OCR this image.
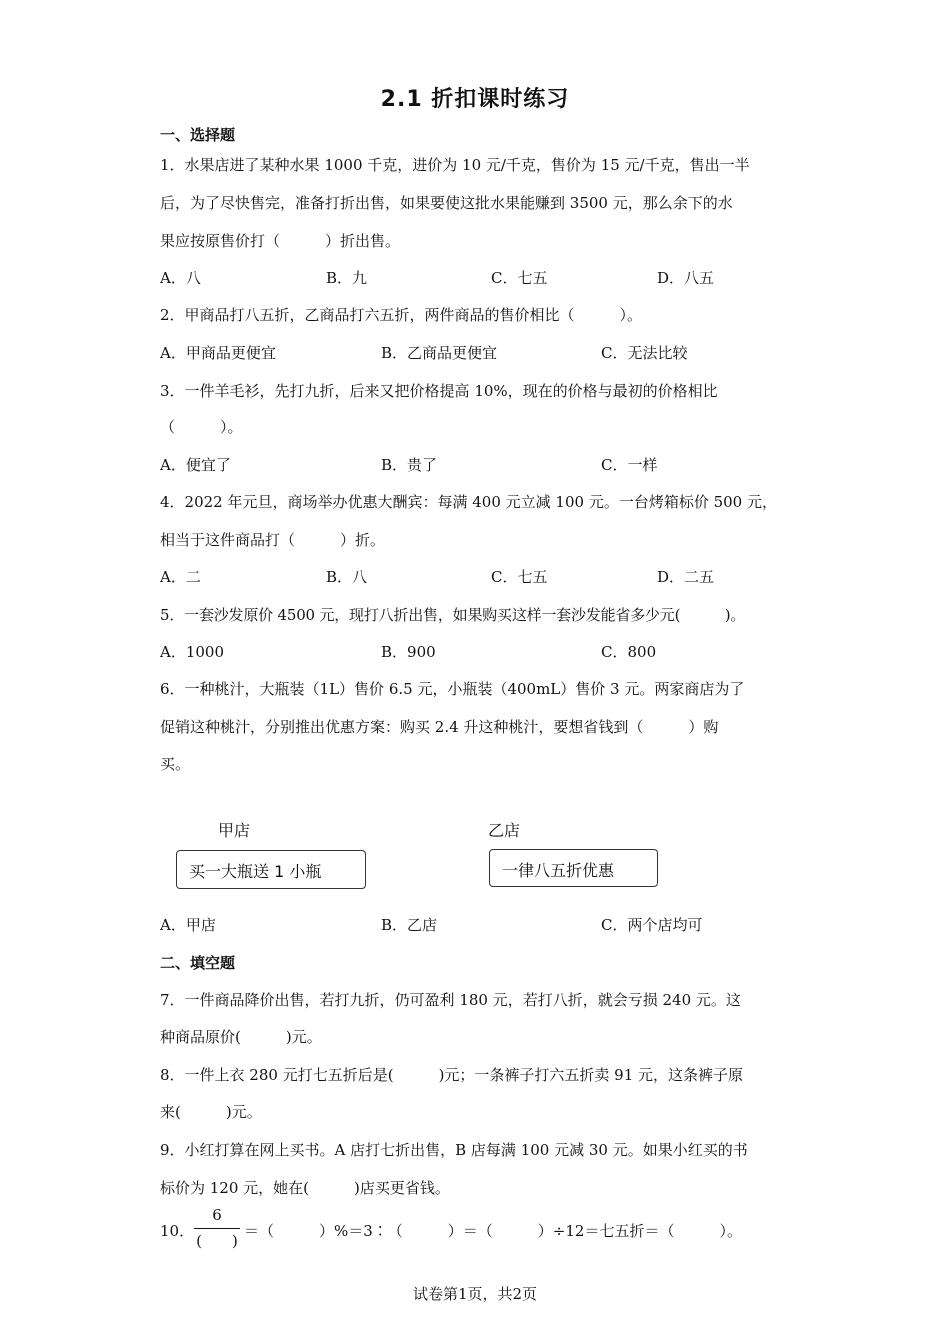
2.1 折扣课时练习
一、选择题
1．水果店进了某种水果 1000 千克，进价为 10 元/千克，售价为 15 元/千克，售出一半
后，为了尽快售完，准备打折出售，如果要使这批水果能赚到 3500 元，那么余下的水
果应按原售价打（　　　）折出售。
A．八	B．九	C．七五	D．八五
2．甲商品打八五折，乙商品打六五折，两件商品的售价相比（　　　）。
A．甲商品更便宜	B．乙商品更便宜	C．无法比较
3．一件羊毛衫，先打九折，后来又把价格提高 10%，现在的价格与最初的价格相比
（　　　）。
A．便宜了	B．贵了	C．一样
4．2022 年元旦，商场举办优惠大酬宾：每满 400 元立减 100 元。一台烤箱标价 500 元，
相当于这件商品打（　　　）折。
A．二	B．八	C．七五	D．二五
5．一套沙发原价 4500 元，现打八折出售，如果购买这样一套沙发能省多少元(　　　)。
A．1000	B．900	C．800
6．一种桃汁，大瓶装（1L）售价 6.5 元，小瓶装（400mL）售价 3 元。两家商店为了
促销这种桃汁，分别推出优惠方案：购买 2.4 升这种桃汁，要想省钱到（　　　）购
买。
甲店
买一大瓶送 1 小瓶
乙店
一律八五折优惠
A．甲店	B．乙店	C．两个店均可
二、填空题
7．一件商品降价出售，若打九折，仍可盈利 180 元，若打八折，就会亏损 240 元。这
种商品原价(　　　)元。
8．一件上衣 280 元打七五折后是(　　　)元；一条裤子打六五折卖 91 元，这条裤子原
来(　　　)元。
9．小红打算在网上买书。A 店打七折出售，B 店每满 100 元减 30 元。如果小红买的书
标价为 120 元，她在(　　　)店买更省钱。
10．
6
(　　)
＝（　　　）%＝3∶（　　　）＝（　　　）÷12＝七五折＝（　　　）。
试卷第1页，共2页
